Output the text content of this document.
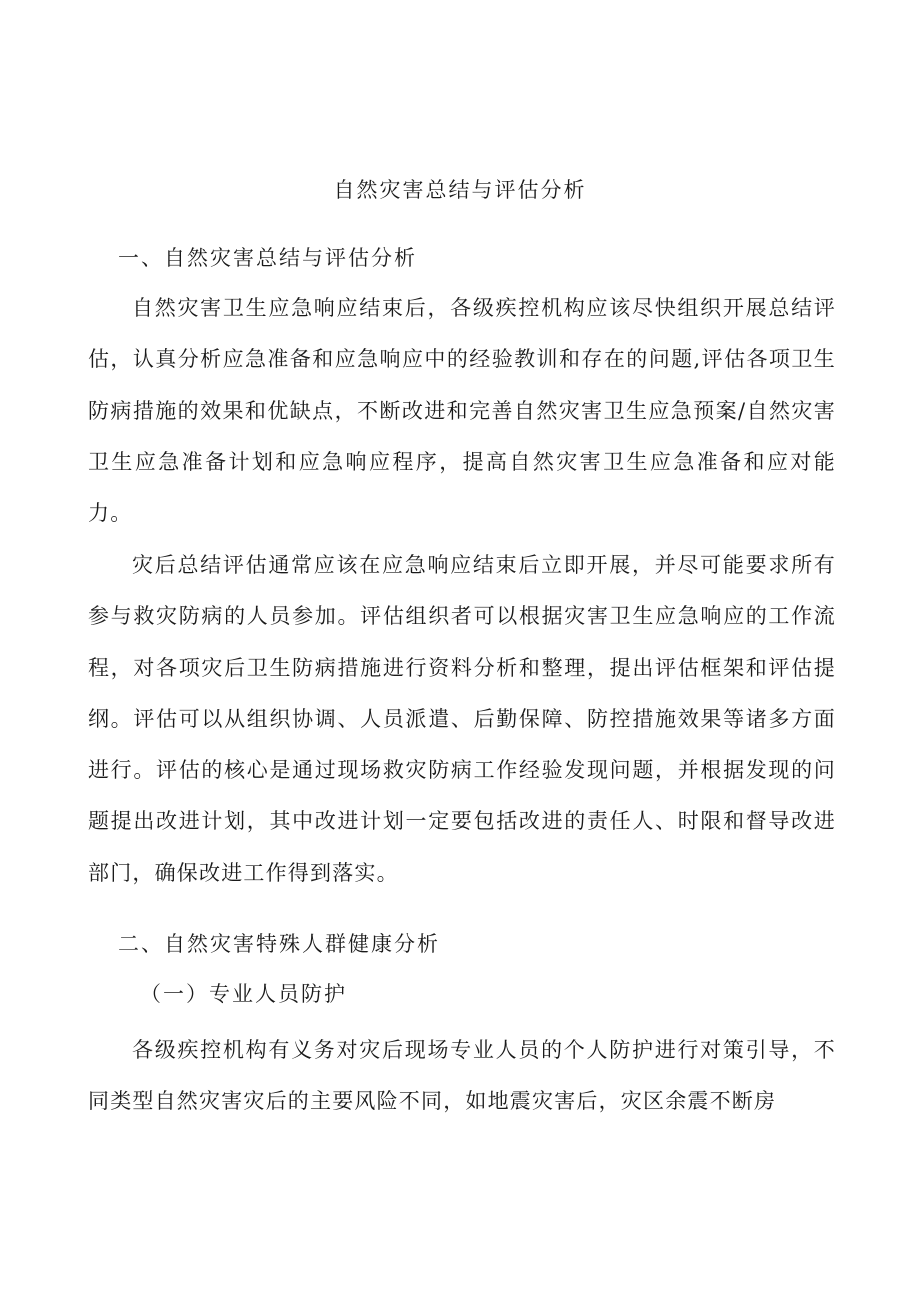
自然灾害总结与评估分析
一、自然灾害总结与评估分析

自然灾害卫生应急响应结束后，各级疾控机构应该尽快组织开展总结评估，认真分析应急准备和应急响应中的经验教训和存在的问题,评估各项卫生防病措施的效果和优缺点，不断改进和完善自然灾害卫生应急预案/自然灾害卫生应急准备计划和应急响应程序，提高自然灾害卫生应急准备和应对能力。

灾后总结评估通常应该在应急响应结束后立即开展，并尽可能要求所有参与救灾防病的人员参加。评估组织者可以根据灾害卫生应急响应的工作流程，对各项灾后卫生防病措施进行资料分析和整理，提出评估框架和评估提纲。评估可以从组织协调、人员派遣、后勤保障、防控措施效果等诸多方面进行。评估的核心是通过现场救灾防病工作经验发现问题，并根据发现的问题提出改进计划，其中改进计划一定要包括改进的责任人、时限和督导改进部门，确保改进工作得到落实。

二、自然灾害特殊人群健康分析
（一）专业人员防护

各级疾控机构有义务对灾后现场专业人员的个人防护进行对策引导，不同类型自然灾害灾后的主要风险不同，如地震灾害后，灾区余震不断房
